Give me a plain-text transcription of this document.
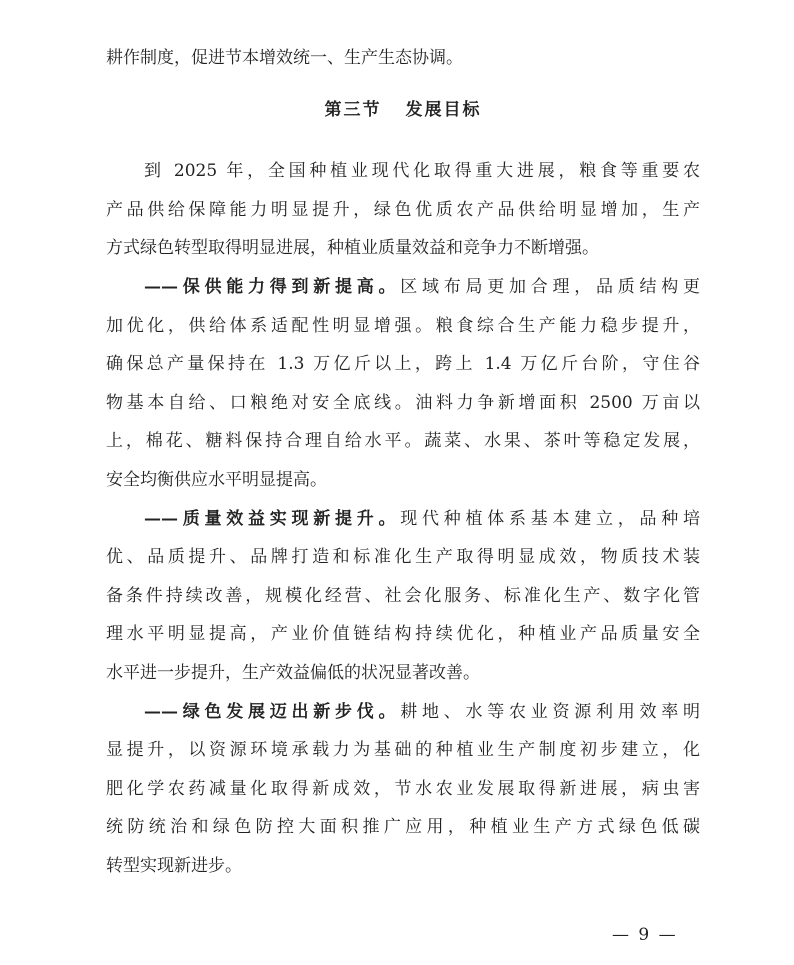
耕作制度，促进节本增效统一、生产生态协调。
第三节 发展目标
到 2025 年，全国种植业现代化取得重大进展，粮食等重要农
产品供给保障能力明显提升，绿色优质农产品供给明显增加，生产
方式绿色转型取得明显进展，种植业质量效益和竞争力不断增强。
——保供能力得到新提高。区域布局更加合理，品质结构更
加优化，供给体系适配性明显增强。粮食综合生产能力稳步提升，
确保总产量保持在 1.3 万亿斤以上，跨上 1.4 万亿斤台阶，守住谷
物基本自给、口粮绝对安全底线。油料力争新增面积 2500 万亩以
上，棉花、糖料保持合理自给水平。蔬菜、水果、茶叶等稳定发展，
安全均衡供应水平明显提高。
——质量效益实现新提升。现代种植体系基本建立，品种培
优、品质提升、品牌打造和标准化生产取得明显成效，物质技术装
备条件持续改善，规模化经营、社会化服务、标准化生产、数字化管
理水平明显提高，产业价值链结构持续优化，种植业产品质量安全
水平进一步提升，生产效益偏低的状况显著改善。
——绿色发展迈出新步伐。耕地、水等农业资源利用效率明
显提升，以资源环境承载力为基础的种植业生产制度初步建立，化
肥化学农药减量化取得新成效，节水农业发展取得新进展，病虫害
统防统治和绿色防控大面积推广应用，种植业生产方式绿色低碳
转型实现新进步。
— 9 —
